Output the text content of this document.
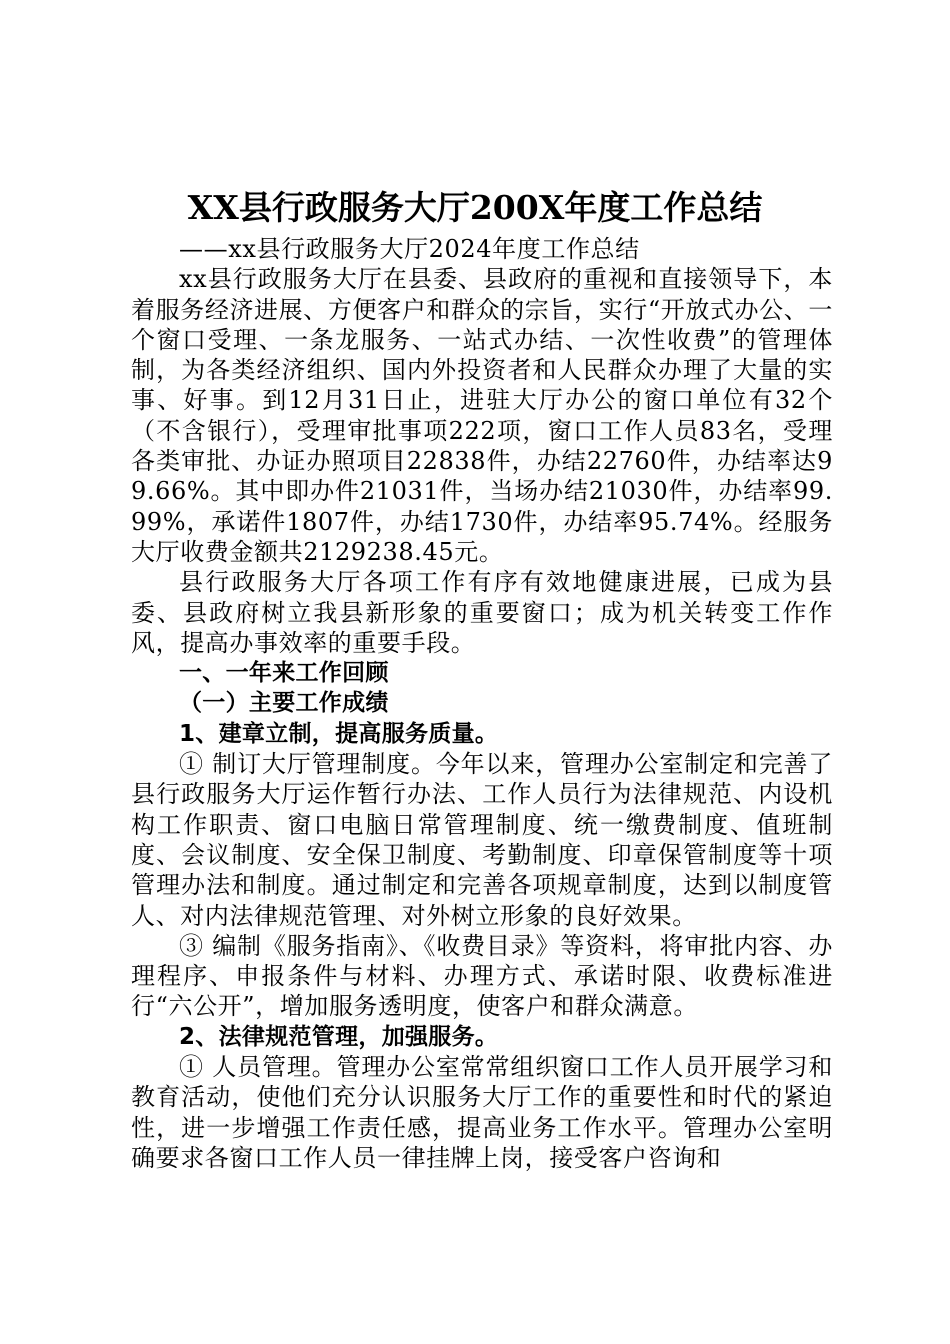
XX县行政服务大厅200X年度工作总结

——xx县行政服务大厅2024年度工作总结

xx县行政服务大厅在县委、县政府的重视和直接领导下，本着服务经济进展、方便客户和群众的宗旨，实行“开放式办公、一个窗口受理、一条龙服务、一站式办结、一次性收费”的管理体制，为各类经济组织、国内外投资者和人民群众办理了大量的实事、好事。到12月31日止，进驻大厅办公的窗口单位有32个（不含银行），受理审批事项222项，窗口工作人员83名，受理各类审批、办证办照项目22838件，办结22760件，办结率达99.66%。其中即办件21031件，当场办结21030件，办结率99.99%，承诺件1807件，办结1730件，办结率95.74%。经服务大厅收费金额共2129238.45元。

县行政服务大厅各项工作有序有效地健康进展，已成为县委、县政府树立我县新形象的重要窗口；成为机关转变工作作风，提高办事效率的重要手段。

一、一年来工作回顾

（一）主要工作成绩

1、建章立制，提高服务质量。

① 制订大厅管理制度。今年以来，管理办公室制定和完善了县行政服务大厅运作暂行办法、工作人员行为法律规范、内设机构工作职责、窗口电脑日常管理制度、统一缴费制度、值班制度、会议制度、安全保卫制度、考勤制度、印章保管制度等十项管理办法和制度。通过制定和完善各项规章制度，达到以制度管人、对内法律规范管理、对外树立形象的良好效果。

③ 编制《服务指南》、《收费目录》等资料，将审批内容、办理程序、申报条件与材料、办理方式、承诺时限、收费标准进行“六公开”，增加服务透明度，使客户和群众满意。

2、法律规范管理，加强服务。

① 人员管理。管理办公室常常组织窗口工作人员开展学习和教育活动，使他们充分认识服务大厅工作的重要性和时代的紧迫性，进一步增强工作责任感，提高业务工作水平。管理办公室明确要求各窗口工作人员一律挂牌上岗，接受客户咨询和
